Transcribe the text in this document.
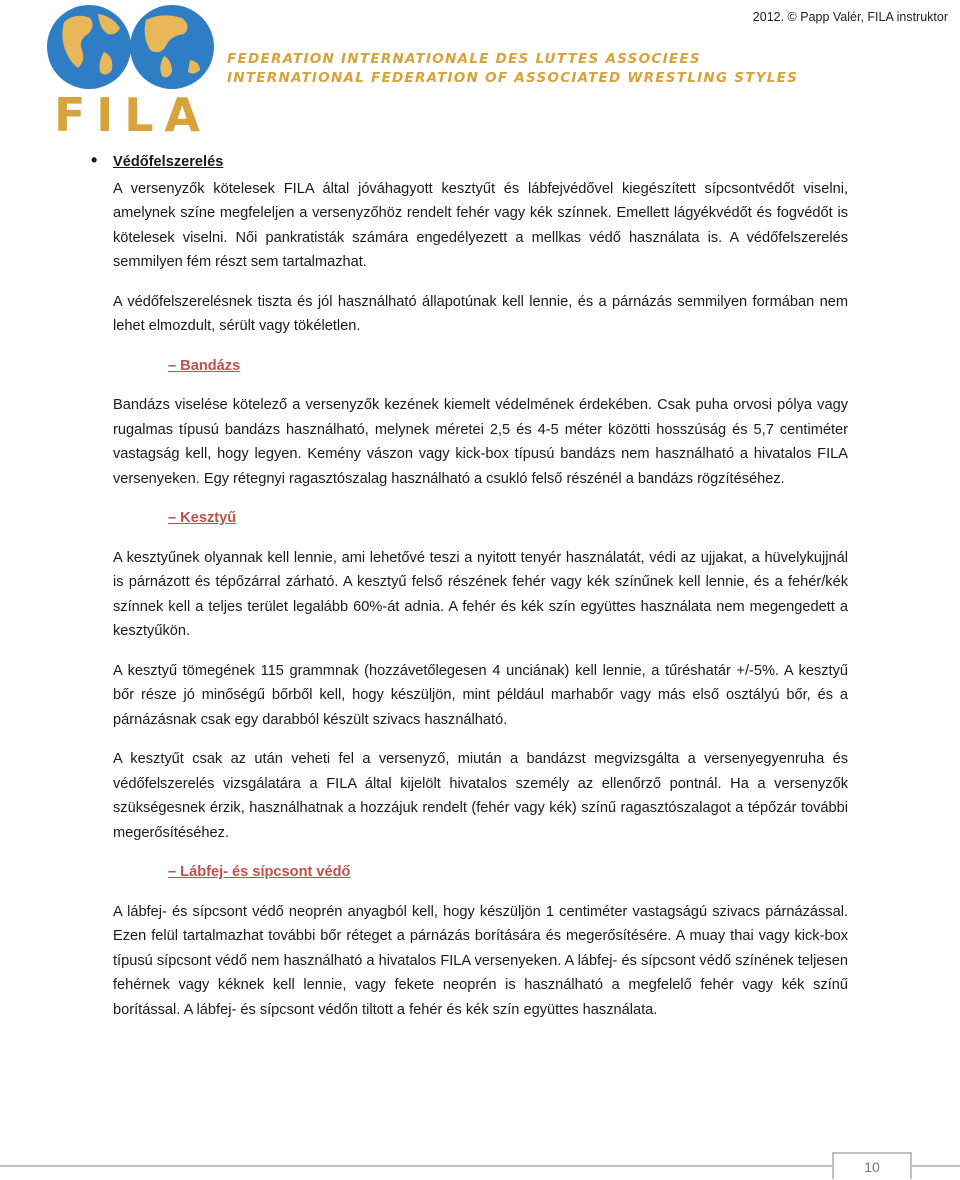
2012. © Papp Valér, FILA instruktor
FILA
FEDERATION INTERNATIONALE DES LUTTES ASSOCIEES
INTERNATIONAL FEDERATION OF ASSOCIATED WRESTLING STYLES
• Védőfelszerelés

A versenyzők kötelesek FILA által jóváhagyott kesztyűt és lábfejvédővel kiegészített sípcsontvédőt viselni, amelynek színe megfeleljen a versenyzőhöz rendelt fehér vagy kék színnek. Emellett lágyékvédőt és fogvédőt is kötelesek viselni. Női pankratisták számára engedélyezett a mellkas védő használata is. A védőfelszerelés semmilyen fém részt sem tartalmazhat.

A védőfelszerelésnek tiszta és jól használható állapotúnak kell lennie, és a párnázás semmilyen formában nem lehet elmozdult, sérült vagy tökéletlen.

– Bandázs

Bandázs viselése kötelező a versenyzők kezének kiemelt védelmének érdekében. Csak puha orvosi pólya vagy rugalmas típusú bandázs használható, melynek méretei 2,5 és 4-5 méter közötti hosszúság és 5,7 centiméter vastagság kell, hogy legyen. Kemény vászon vagy kick-box típusú bandázs nem használható a hivatalos FILA versenyeken. Egy rétegnyi ragasztószalag használható a csukló felső részénél a bandázs rögzítéséhez.

– Kesztyű

A kesztyűnek olyannak kell lennie, ami lehetővé teszi a nyitott tenyér használatát, védi az ujjakat, a hüvelykujjnál is párnázott és tépőzárral zárható. A kesztyű felső részének fehér vagy kék színűnek kell lennie, és a fehér/kék színnek kell a teljes terület legalább 60%-át adnia. A fehér és kék szín együttes használata nem megengedett a kesztyűkön.

A kesztyű tömegének 115 grammnak (hozzávetőlegesen 4 unciának) kell lennie, a tűréshatár +/-5%. A kesztyű bőr része jó minőségű bőrből kell, hogy készüljön, mint például marhabőr vagy más első osztályú bőr, és a párnázásnak csak egy darabból készült szivacs használható.

A kesztyűt csak az után veheti fel a versenyző, miután a bandázst megvizsgálta a versenyegyenruha és védőfelszerelés vizsgálatára a FILA által kijelölt hivatalos személy az ellenőrző pontnál. Ha a versenyzők szükségesnek érzik, használhatnak a hozzájuk rendelt (fehér vagy kék) színű ragasztószalagot a tépőzár további megerősítéséhez.

– Lábfej- és sípcsont védő

A lábfej- és sípcsont védő neoprén anyagból kell, hogy készüljön 1 centiméter vastagságú szivacs párnázással. Ezen felül tartalmazhat további bőr réteget a párnázás borítására és megerősítésére. A muay thai vagy kick-box típusú sípcsont védő nem használható a hivatalos FILA versenyeken. A lábfej- és sípcsont védő színének teljesen fehérnek vagy kéknek kell lennie, vagy fekete neoprén is használható a megfelelő fehér vagy kék színű borítással. A lábfej- és sípcsont védőn tiltott a fehér és kék szín együttes használata.

10
